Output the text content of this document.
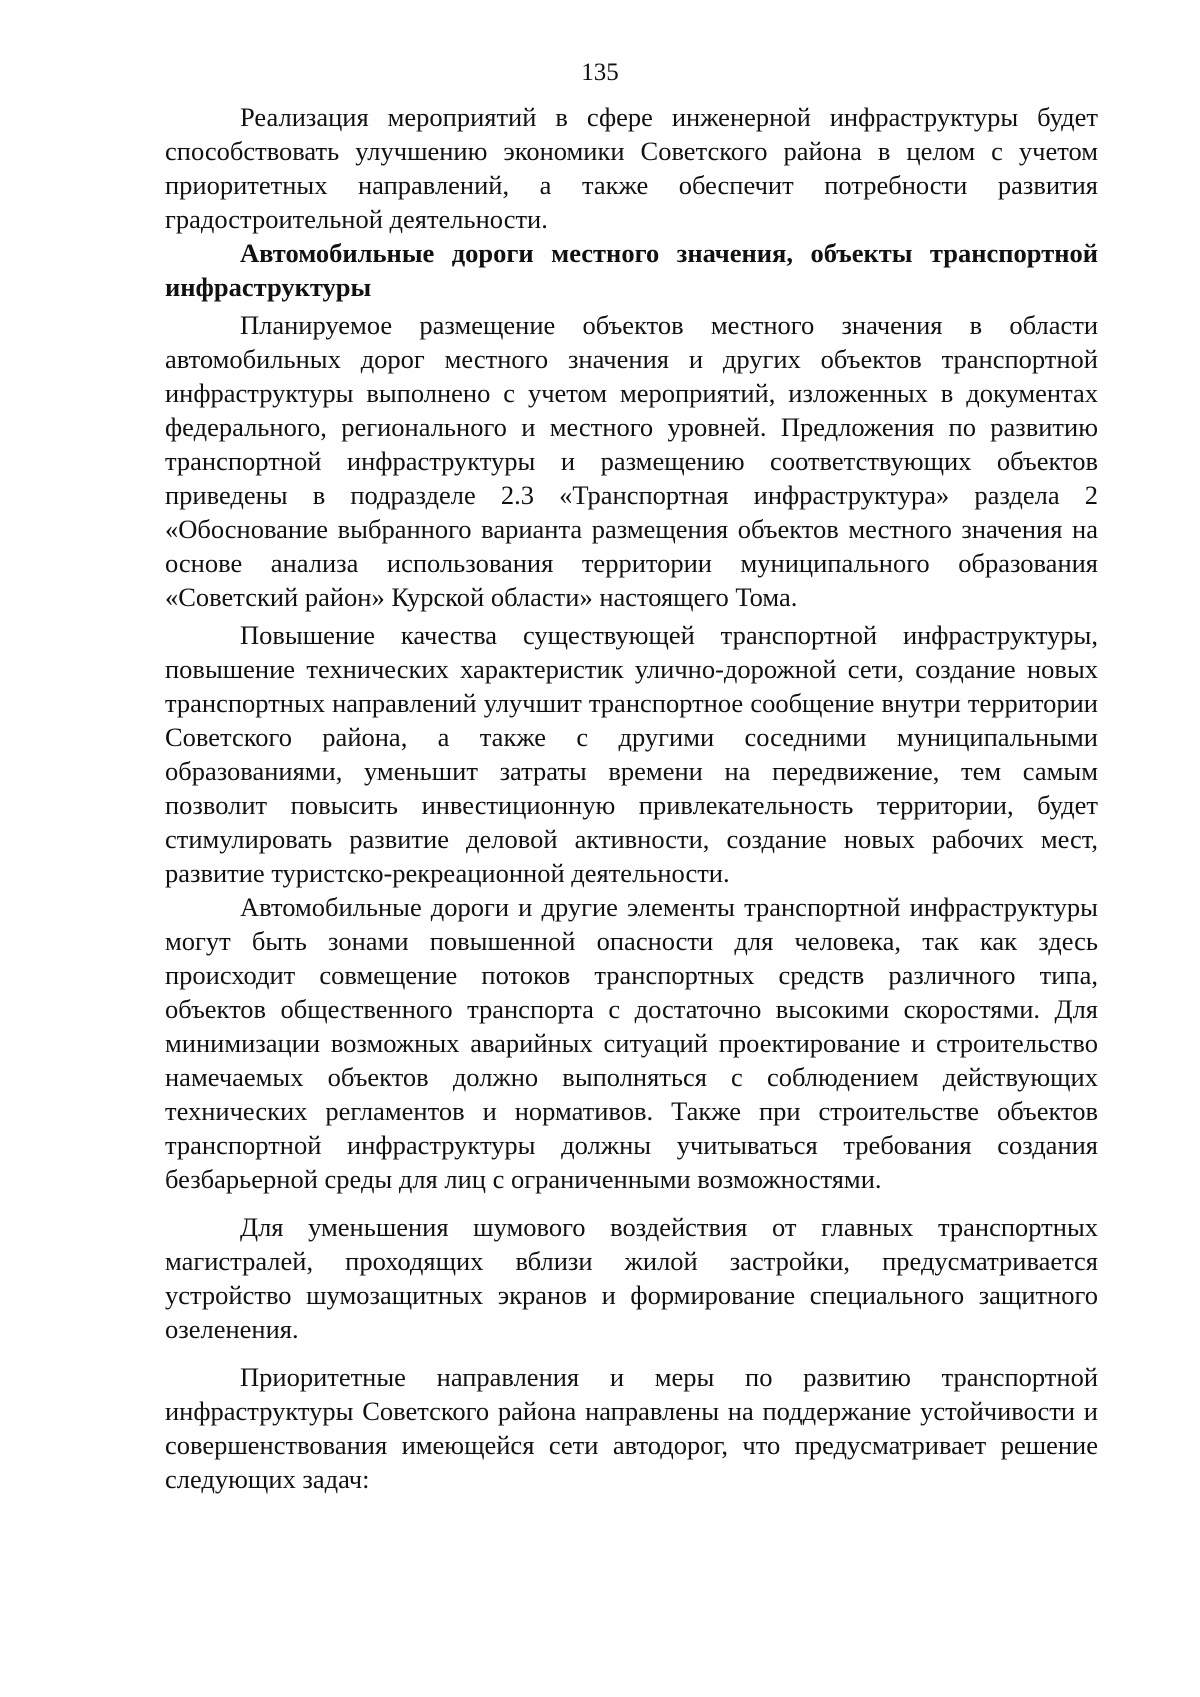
135

Реализация мероприятий в сфере инженерной инфраструктуры будет способствовать улучшению экономики Советского района в целом с учетом приоритетных направлений, а также обеспечит потребности развития градостроительной деятельности.

Автомобильные дороги местного значения, объекты транспортной инфраструктуры

Планируемое размещение объектов местного значения в области автомобильных дорог местного значения и других объектов транспортной инфраструктуры выполнено с учетом мероприятий, изложенных в документах федерального, регионального и местного уровней. Предложения по развитию транспортной инфраструктуры и размещению соответствующих объектов приведены в подразделе 2.3 «Транспортная инфраструктура» раздела 2 «Обоснование выбранного варианта размещения объектов местного значения на основе анализа использования территории муниципального образования «Советский район» Курской области» настоящего Тома.

Повышение качества существующей транспортной инфраструктуры, повышение технических характеристик улично-дорожной сети, создание новых транспортных направлений улучшит транспортное сообщение внутри территории Советского района, а также с другими соседними муниципальными образованиями, уменьшит затраты времени на передвижение, тем самым позволит повысить инвестиционную привлекательность территории, будет стимулировать развитие деловой активности, создание новых рабочих мест, развитие туристско-рекреационной деятельности.

Автомобильные дороги и другие элементы транспортной инфраструктуры могут быть зонами повышенной опасности для человека, так как здесь происходит совмещение потоков транспортных средств различного типа, объектов общественного транспорта с достаточно высокими скоростями. Для минимизации возможных аварийных ситуаций проектирование и строительство намечаемых объектов должно выполняться с соблюдением действующих технических регламентов и нормативов. Также при строительстве объектов транспортной инфраструктуры должны учитываться требования создания безбарьерной среды для лиц с ограниченными возможностями.

Для уменьшения шумового воздействия от главных транспортных магистралей, проходящих вблизи жилой застройки, предусматривается устройство шумозащитных экранов и формирование специального защитного озеленения.

Приоритетные направления и меры по развитию транспортной инфраструктуры Советского района направлены на поддержание устойчивости и совершенствования имеющейся сети автодорог, что предусматривает решение следующих задач:
